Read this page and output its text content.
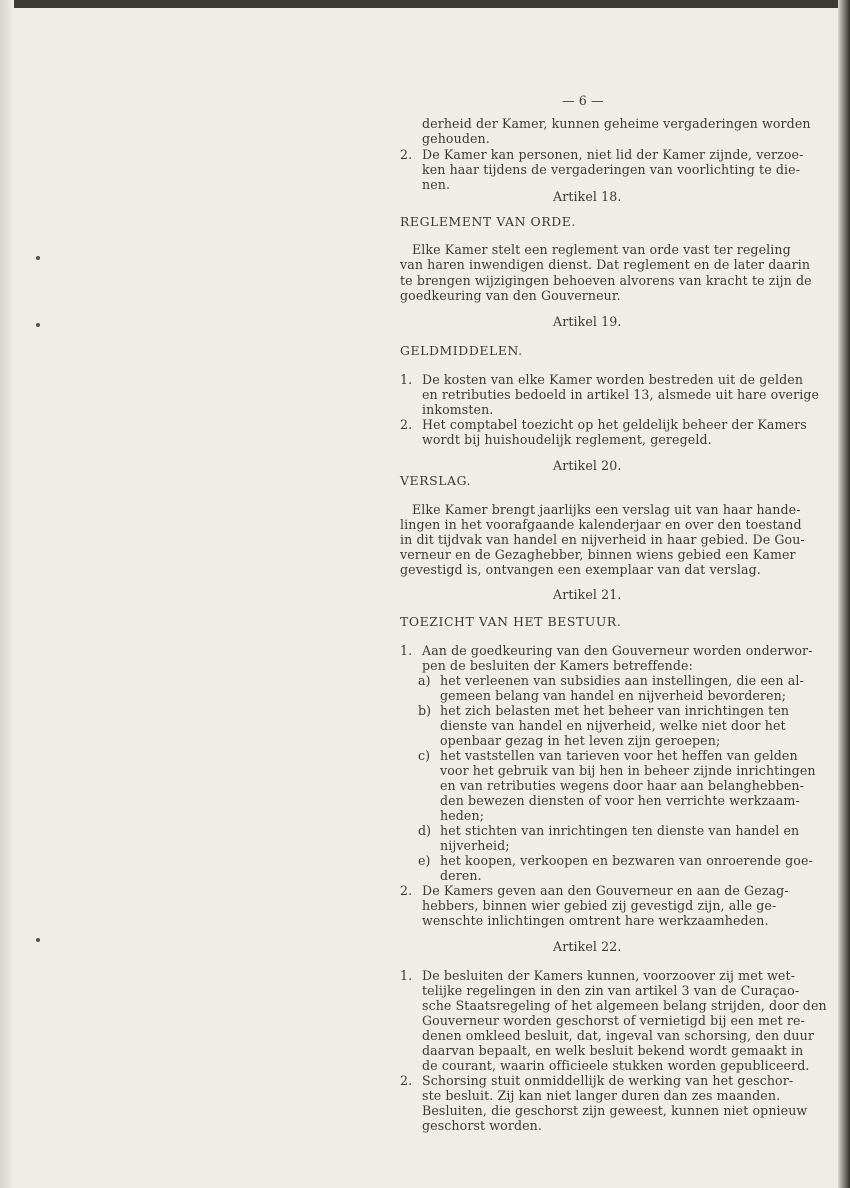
— 6 —
derheid der Kamer, kunnen geheime vergaderingen worden
gehouden.
2. De Kamer kan personen, niet lid der Kamer zijnde, verzoe-
ken haar tijdens de vergaderingen van voorlichting te die-
nen.
Artikel 18.
REGLEMENT VAN ORDE.
Elke Kamer stelt een reglement van orde vast ter regeling
van haren inwendigen dienst. Dat reglement en de later daarin
te brengen wijzigingen behoeven alvorens van kracht te zijn de
goedkeuring van den Gouverneur.
Artikel 19.
GELDMIDDELEN.
1. De kosten van elke Kamer worden bestreden uit de gelden
en retributies bedoeld in artikel 13, alsmede uit hare overige
inkomsten.
2. Het comptabel toezicht op het geldelijk beheer der Kamers
wordt bij huishoudelijk reglement, geregeld.
Artikel 20.
VERSLAG.
Elke Kamer brengt jaarlijks een verslag uit van haar hande-
lingen in het voorafgaande kalenderjaar en over den toestand
in dit tijdvak van handel en nijverheid in haar gebied. De Gou-
verneur en de Gezaghebber, binnen wiens gebied een Kamer
gevestigd is, ontvangen een exemplaar van dat verslag.
Artikel 21.
TOEZICHT VAN HET BESTUUR.
1. Aan de goedkeuring van den Gouverneur worden onderwor-
pen de besluiten der Kamers betreffende:
a) het verleenen van subsidies aan instellingen, die een al-
gemeen belang van handel en nijverheid bevorderen;
b) het zich belasten met het beheer van inrichtingen ten
dienste van handel en nijverheid, welke niet door het
openbaar gezag in het leven zijn geroepen;
c) het vaststellen van tarieven voor het heffen van gelden
voor het gebruik van bij hen in beheer zijnde inrichtingen
en van retributies wegens door haar aan belanghebben-
den bewezen diensten of voor hen verrichte werkzaam-
heden;
d) het stichten van inrichtingen ten dienste van handel en
nijverheid;
e) het koopen, verkoopen en bezwaren van onroerende goe-
deren.
2. De Kamers geven aan den Gouverneur en aan de Gezag-
hebbers, binnen wier gebied zij gevestigd zijn, alle ge-
wenschte inlichtingen omtrent hare werkzaamheden.
Artikel 22.
1. De besluiten der Kamers kunnen, voorzoover zij met wet-
telijke regelingen in den zin van artikel 3 van de Curaçao-
sche Staatsregeling of het algemeen belang strijden, door den
Gouverneur worden geschorst of vernietigd bij een met re-
denen omkleed besluit, dat, ingeval van schorsing, den duur
daarvan bepaalt, en welk besluit bekend wordt gemaakt in
de courant, waarin officieele stukken worden gepubliceerd.
2. Schorsing stuit onmiddellijk de werking van het geschor-
ste besluit. Zij kan niet langer duren dan zes maanden.
Besluiten, die geschorst zijn geweest, kunnen niet opnieuw
geschorst worden.
